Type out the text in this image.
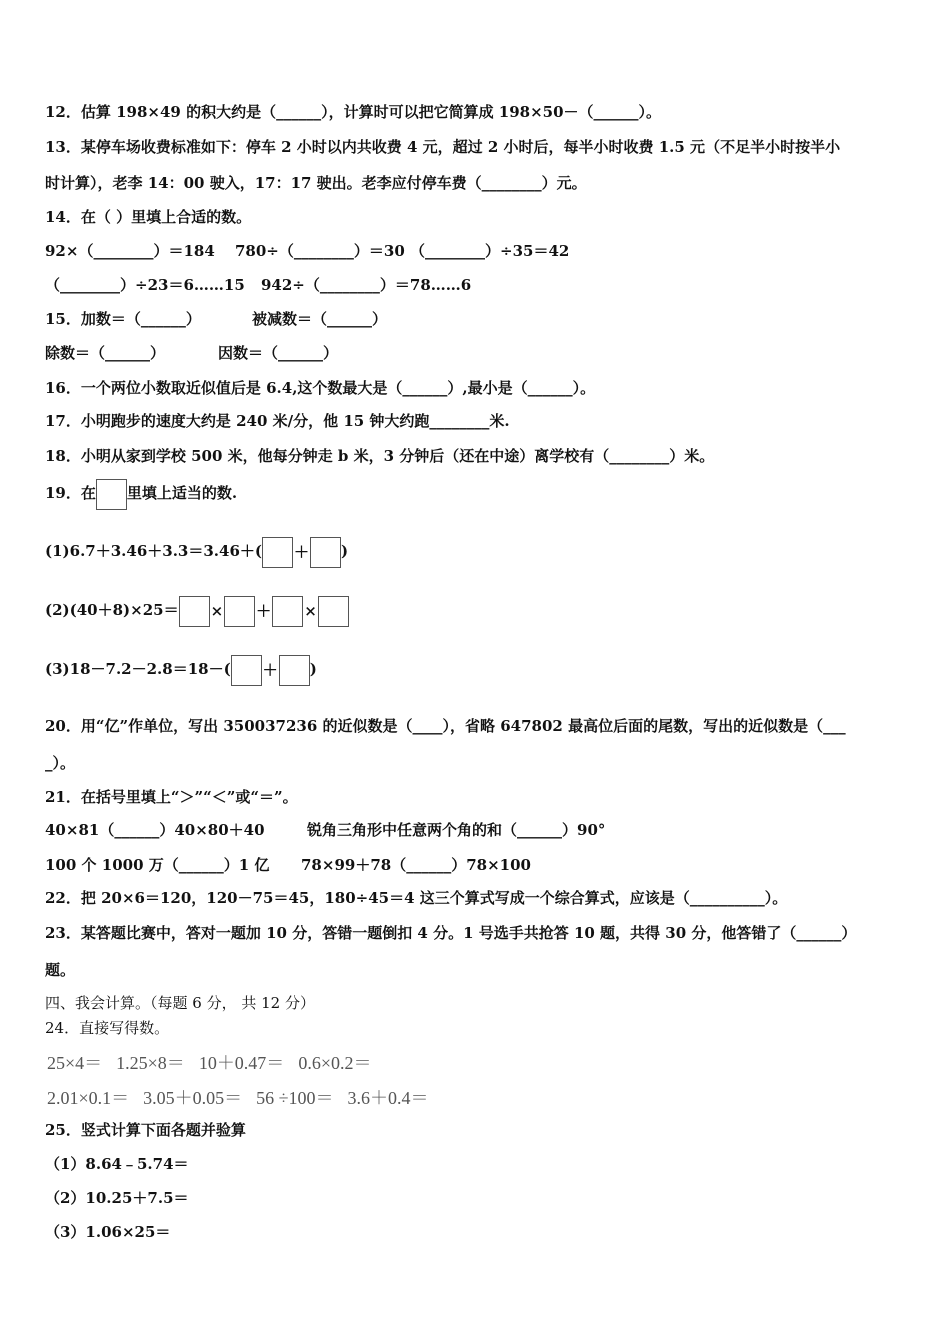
12．估算 198×49 的积大约是（______），计算时可以把它简算成 198×50－（______）。
13．某停车场收费标准如下：停车 2 小时以内共收费 4 元，超过 2 小时后，每半小时收费 1.5 元（不足半小时按半小
时计算），老李 14：00 驶入，17：17 驶出。老李应付停车费（________）元。
14．在（ ）里填上合适的数。
92×（________）＝184 780÷（________）＝30 （________）÷35＝42
（________）÷23＝6……15 942÷（________）＝78……6
15．加数＝（______）	被减数＝（______）
除数＝（______）	因数＝（______）
16．一个两位小数取近似值后是 6.4,这个数最大是（______）,最小是（______）。
17．小明跑步的速度大约是 240 米/分，他 15 钟大约跑________米.
18．小明从家到学校 500 米，他每分钟走 b 米，3 分钟后（还在中途）离学校有（________）米。
19．在 里填上适当的数.
(1)6.7＋3.46＋3.3＝3.46＋( ＋ )
(2)(40＋8)×25＝ × ＋ ×
(3)18－7.2－2.8＝18－( ＋ )
20．用“亿”作单位，写出 350037236 的近似数是（____），省略 647802 最高位后面的尾数，写出的近似数是（___
_）。
21．在括号里填上“＞”“＜”或“＝”。
40×81（______）40×80＋40	锐角三角形中任意两个角的和（______）90°
100 个 1000 万（______）1 亿 78×99＋78（______）78×100
22．把 20×6＝120，120－75＝45，180÷45＝4 这三个算式写成一个综合算式，应该是（__________）。
23．某答题比赛中，答对一题加 10 分，答错一题倒扣 4 分。1 号选手共抢答 10 题，共得 30 分，他答错了（______）
题。
四、我会计算。（每题 6 分， 共 12 分）
24．直接写得数。
25×4＝ 1.25×8＝ 10＋0.47＝ 0.6×0.2＝
2.01×0.1＝ 3.05＋0.05＝ 56 ÷100＝ 3.6＋0.4＝
25．竖式计算下面各题并验算
（1）8.64﹣5.74＝
（2）10.25＋7.5＝
（3）1.06×25＝
